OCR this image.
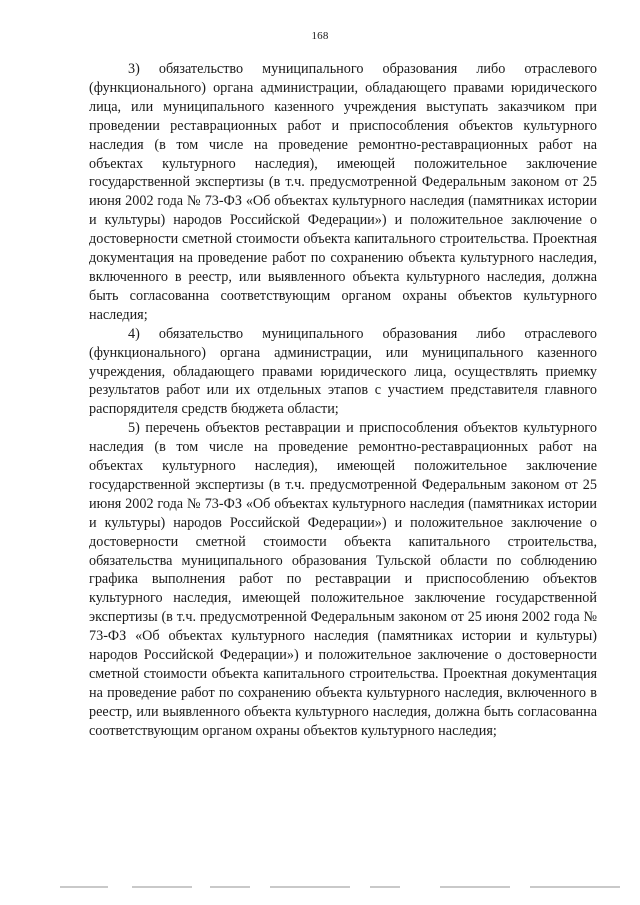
168

3) обязательство муниципального образования либо отраслевого (функционального) органа администрации, обладающего правами юридического лица, или муниципального казенного учреждения выступать заказчиком при проведении реставрационных работ и приспособления объектов культурного наследия (в том числе на проведение ремонтно-реставрационных работ на объектах культурного наследия), имеющей положительное заключение государственной экспертизы (в т.ч. предусмотренной Федеральным законом от 25 июня 2002 года № 73-ФЗ «Об объектах культурного наследия (памятниках истории и культуры) народов Российской Федерации») и положительное заключение о достоверности сметной стоимости объекта капитального строительства. Проектная документация на проведение работ по сохранению объекта культурного наследия, включенного в реестр, или выявленного объекта культурного наследия, должна быть согласованна соответствующим органом охраны объектов культурного наследия;

4) обязательство муниципального образования либо отраслевого (функционального) органа администрации, или муниципального казенного учреждения, обладающего правами юридического лица, осуществлять приемку результатов работ или их отдельных этапов с участием представителя главного распорядителя средств бюджета области;

5) перечень объектов реставрации и приспособления объектов культурного наследия (в том числе на проведение ремонтно-реставрационных работ на объектах культурного наследия), имеющей положительное заключение государственной экспертизы (в т.ч. предусмотренной Федеральным законом от 25 июня 2002 года № 73-ФЗ «Об объектах культурного наследия (памятниках истории и культуры) народов Российской Федерации») и положительное заключение о достоверности сметной стоимости объекта капитального строительства, обязательства муниципального образования Тульской области по соблюдению графика выполнения работ по реставрации и приспособлению объектов культурного наследия, имеющей положительное заключение государственной экспертизы (в т.ч. предусмотренной Федеральным законом от 25 июня 2002 года № 73-ФЗ «Об объектах культурного наследия (памятниках истории и культуры) народов Российской Федерации») и положительное заключение о достоверности сметной стоимости объекта капитального строительства. Проектная документация на проведение работ по сохранению объекта культурного наследия, включенного в реестр, или выявленного объекта культурного наследия, должна быть согласованна соответствующим органом охраны объектов культурного наследия;
